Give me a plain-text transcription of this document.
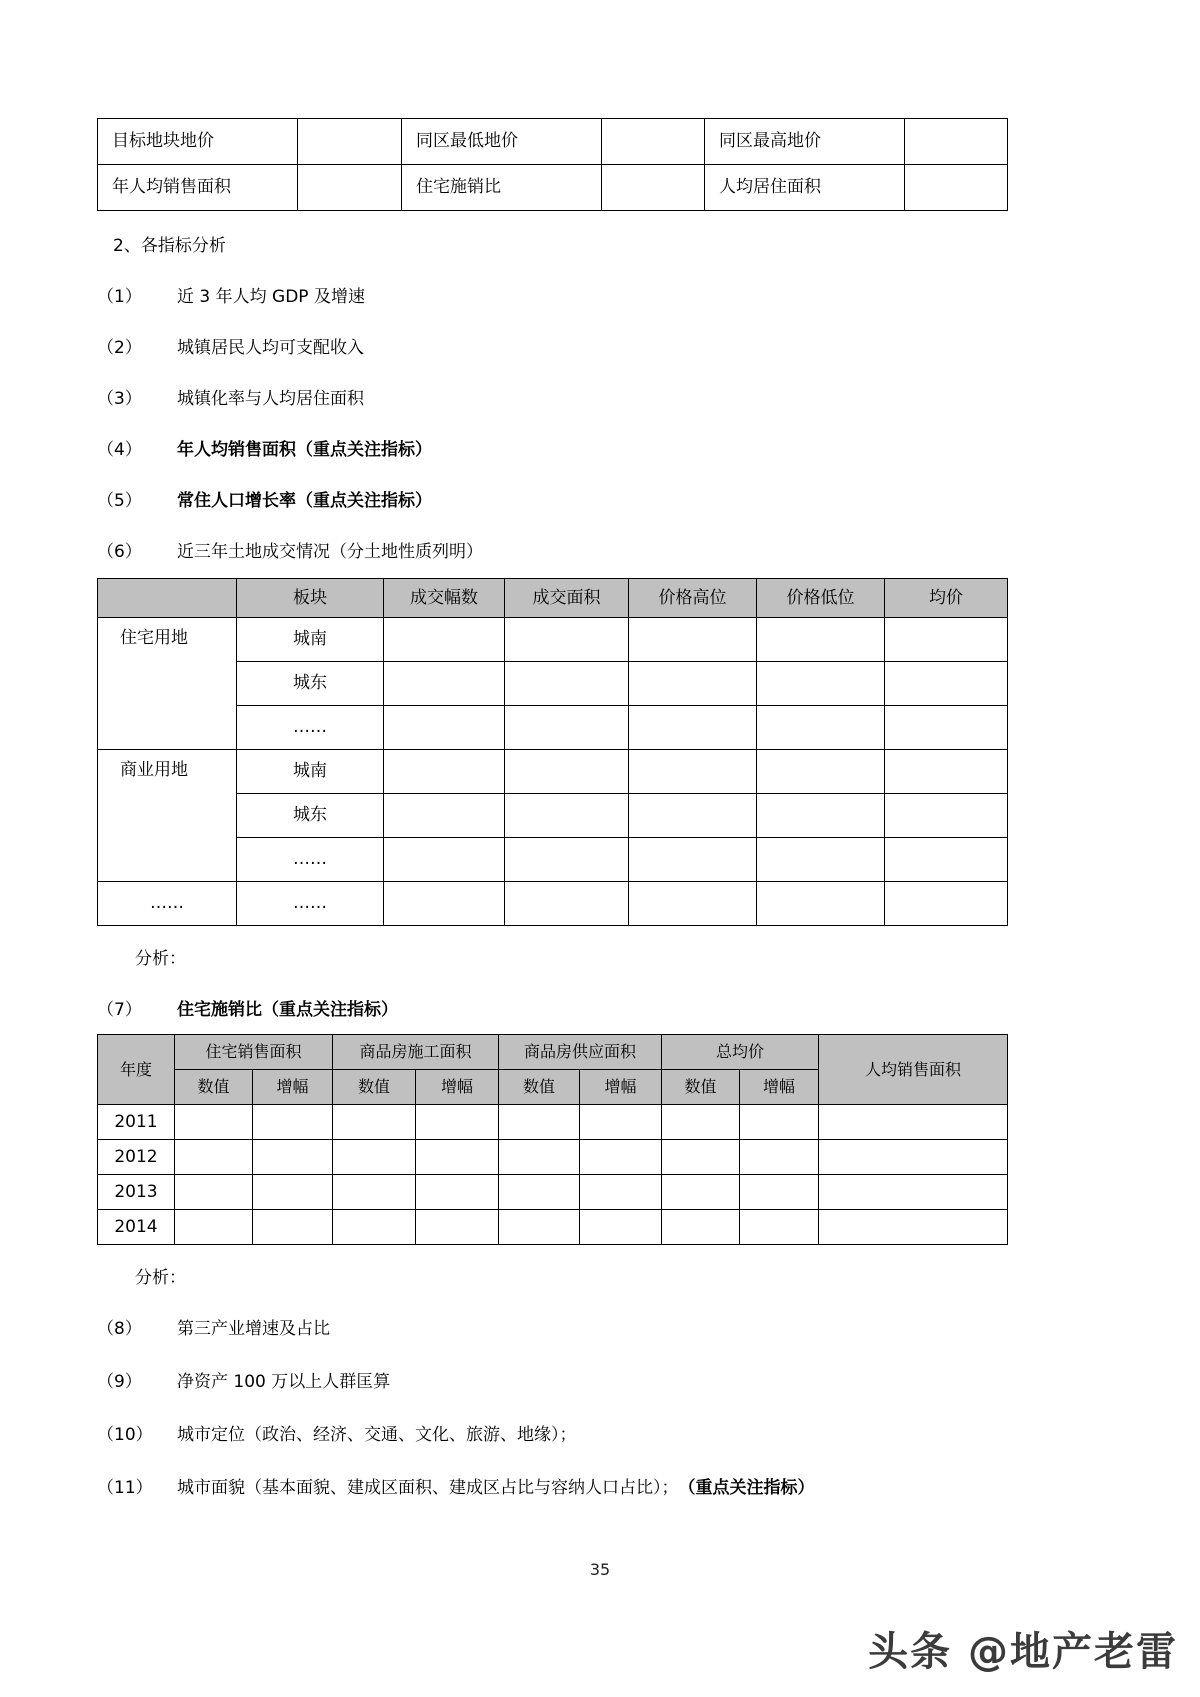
目标地块地价		同区最低地价		同区最高地价	
年人均销售面积		住宅施销比		人均居住面积	
2、各指标分析
（1）	近 3 年人均 GDP 及增速
（2）	城镇居民人均可支配收入
（3）	城镇化率与人均居住面积
（4）	年人均销售面积（重点关注指标）
（5）	常住人口增长率（重点关注指标）
（6）	近三年土地成交情况（分土地性质列明）
	板块	成交幅数	成交面积	价格高位	价格低位	均价
住宅用地	城南					
	城东					
	……					
商业用地	城南					
	城东					
	……					
……	……					
分析：
（7）	住宅施销比（重点关注指标）
年度	住宅销售面积		商品房施工面积		商品房供应面积		总均价		人均销售面积
	数值	增幅	数值	增幅	数值	增幅	数值	增幅	
2011									
2012									
2013									
2014									
分析：
（8）	第三产业增速及占比
（9）	净资产 100 万以上人群匡算
（10）	城市定位（政治、经济、交通、文化、旅游、地缘）；
（11）	城市面貌（基本面貌、建成区面积、建成区占比与容纳人口占比）； （重点关注指标）
35
头条 @地产老雷
